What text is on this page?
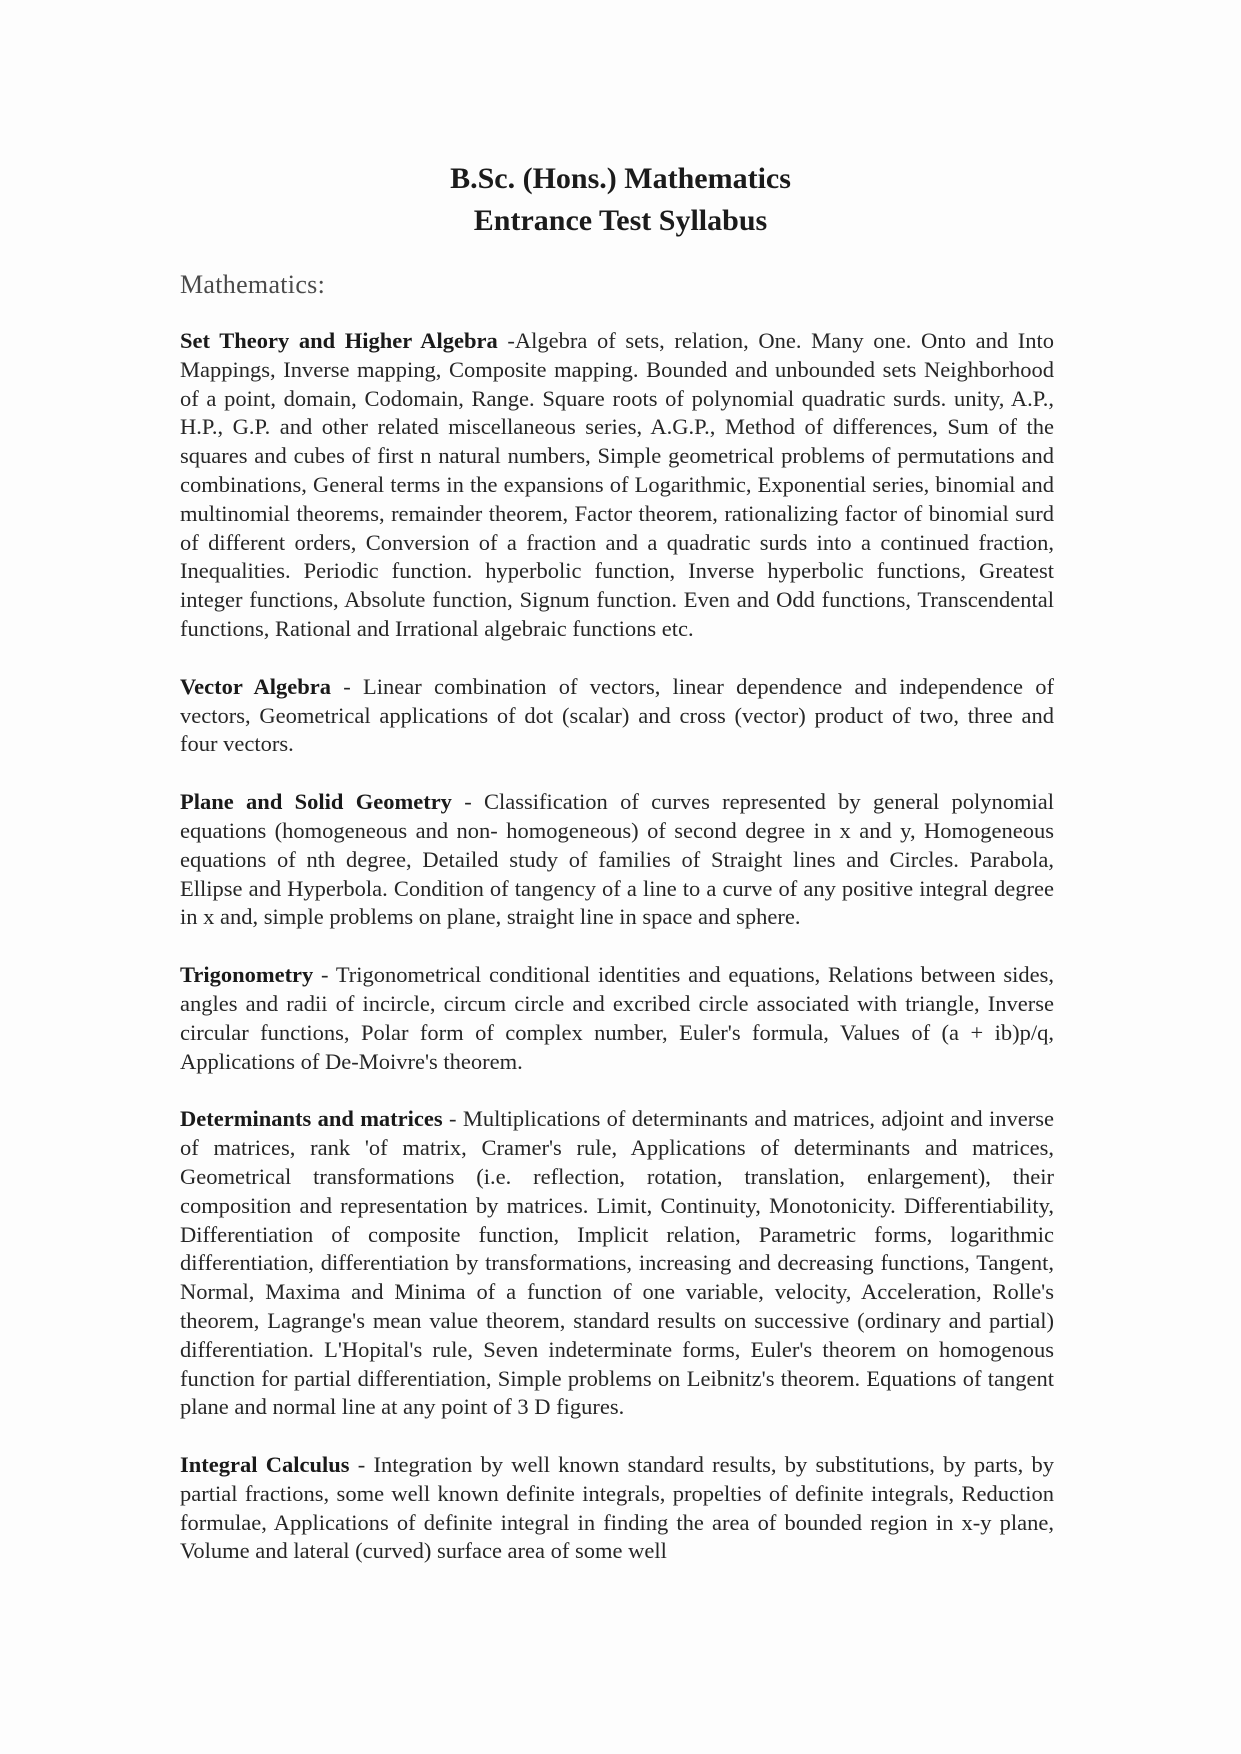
B.Sc. (Hons.) Mathematics
Entrance Test Syllabus
Mathematics:

Set Theory and Higher Algebra -Algebra of sets, relation, One. Many one. Onto and Into Mappings, Inverse mapping, Composite mapping. Bounded and unbounded sets Neighborhood of a point, domain, Codomain, Range. Square roots of polynomial quadratic surds. unity, A.P., H.P., G.P. and other related miscellaneous series, A.G.P., Method of differences, Sum of the squares and cubes of first n natural numbers, Simple geometrical problems of permutations and combinations, General terms in the expansions of Logarithmic, Exponential series, binomial and multinomial theorems, remainder theorem, Factor theorem, rationalizing factor of binomial surd of different orders, Conversion of a fraction and a quadratic surds into a continued fraction, Inequalities. Periodic function. hyperbolic function, Inverse hyperbolic functions, Greatest integer functions, Absolute function, Signum function. Even and Odd functions, Transcendental functions, Rational and Irrational algebraic functions etc.

Vector Algebra - Linear combination of vectors, linear dependence and independence of vectors, Geometrical applications of dot (scalar) and cross (vector) product of two, three and four vectors.

Plane and Solid Geometry - Classification of curves represented by general polynomial equations (homogeneous and non- homogeneous) of second degree in x and y, Homogeneous equations of nth degree, Detailed study of families of Straight lines and Circles. Parabola, Ellipse and Hyperbola. Condition of tangency of a line to a curve of any positive integral degree in x and, simple problems on plane, straight line in space and sphere.

Trigonometry - Trigonometrical conditional identities and equations, Relations between sides, angles and radii of incircle, circum circle and excribed circle associated with triangle, Inverse circular functions, Polar form of complex number, Euler's formula, Values of (a + ib)p/q, Applications of De-Moivre's theorem.

Determinants and matrices - Multiplications of determinants and matrices, adjoint and inverse of matrices, rank 'of matrix, Cramer's rule, Applications of determinants and matrices, Geometrical transformations (i.e. reflection, rotation, translation, enlargement), their composition and representation by matrices. Limit, Continuity, Monotonicity. Differentiability, Differentiation of composite function, Implicit relation, Parametric forms, logarithmic differentiation, differentiation by transformations, increasing and decreasing functions, Tangent, Normal, Maxima and Minima of a function of one variable, velocity, Acceleration, Rolle's theorem, Lagrange's mean value theorem, standard results on successive (ordinary and partial) differentiation. L'Hopital's rule, Seven indeterminate forms, Euler's theorem on homogenous function for partial differentiation, Simple problems on Leibnitz's theorem. Equations of tangent plane and normal line at any point of 3 D figures.

Integral Calculus - Integration by well known standard results, by substitutions, by parts, by partial fractions, some well known definite integrals, propelties of definite integrals, Reduction formulae, Applications of definite integral in finding the area of bounded region in x-y plane, Volume and lateral (curved) surface area of some well
